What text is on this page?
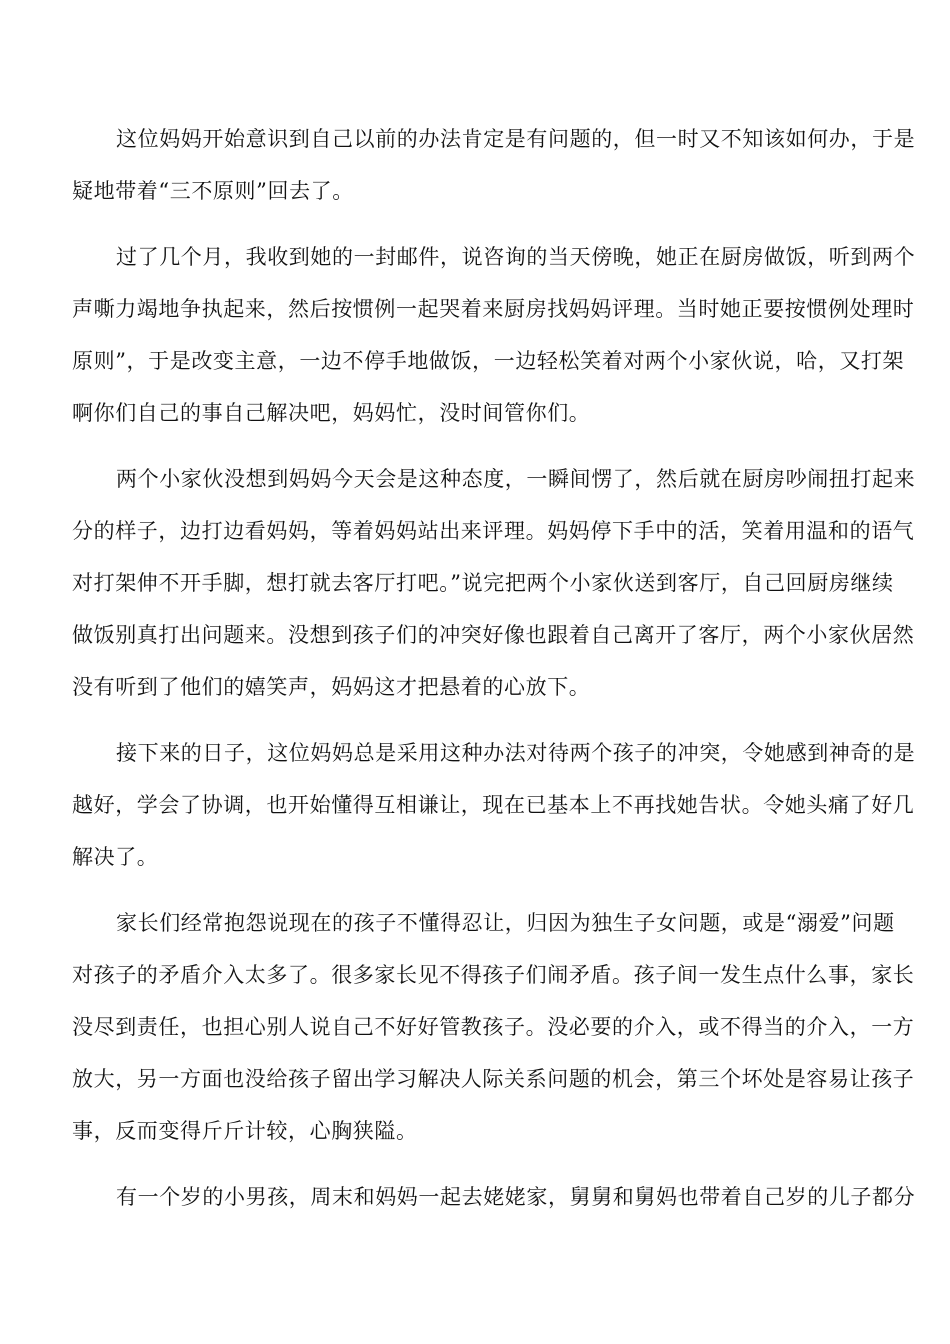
这位妈妈开始意识到自己以前的办法肯定是有问题的，但一时又不知该如何办，于是
疑地带着“三不原则”回去了。
过了几个月，我收到她的一封邮件，说咨询的当天傍晚，她正在厨房做饭，听到两个
声嘶力竭地争执起来，然后按惯例一起哭着来厨房找妈妈评理。当时她正要按惯例处理时
原则”，于是改变主意，一边不停手地做饭，一边轻松笑着对两个小家伙说，哈，又打架
啊你们自己的事自己解决吧，妈妈忙，没时间管你们。
两个小家伙没想到妈妈今天会是这种态度，一瞬间愣了，然后就在厨房吵闹扭打起来
分的样子，边打边看妈妈，等着妈妈站出来评理。妈妈停下手中的活，笑着用温和的语气
对打架伸不开手脚，想打就去客厅打吧。”说完把两个小家伙送到客厅，自己回厨房继续
做饭别真打出问题来。没想到孩子们的冲突好像也跟着自己离开了客厅，两个小家伙居然
没有听到了他们的嬉笑声，妈妈这才把悬着的心放下。
接下来的日子，这位妈妈总是采用这种办法对待两个孩子的冲突，令她感到神奇的是
越好，学会了协调，也开始懂得互相谦让，现在已基本上不再找她告状。令她头痛了好几
解决了。
家长们经常抱怨说现在的孩子不懂得忍让，归因为独生子女问题，或是“溺爱”问题
对孩子的矛盾介入太多了。很多家长见不得孩子们闹矛盾。孩子间一发生点什么事，家长
没尽到责任，也担心别人说自己不好好管教孩子。没必要的介入，或不得当的介入，一方
放大，另一方面也没给孩子留出学习解决人际关系问题的机会，第三个坏处是容易让孩子
事，反而变得斤斤计较，心胸狭隘。
有一个岁的小男孩，周末和妈妈一起去姥姥家，舅舅和舅妈也带着自己岁的儿子都分
